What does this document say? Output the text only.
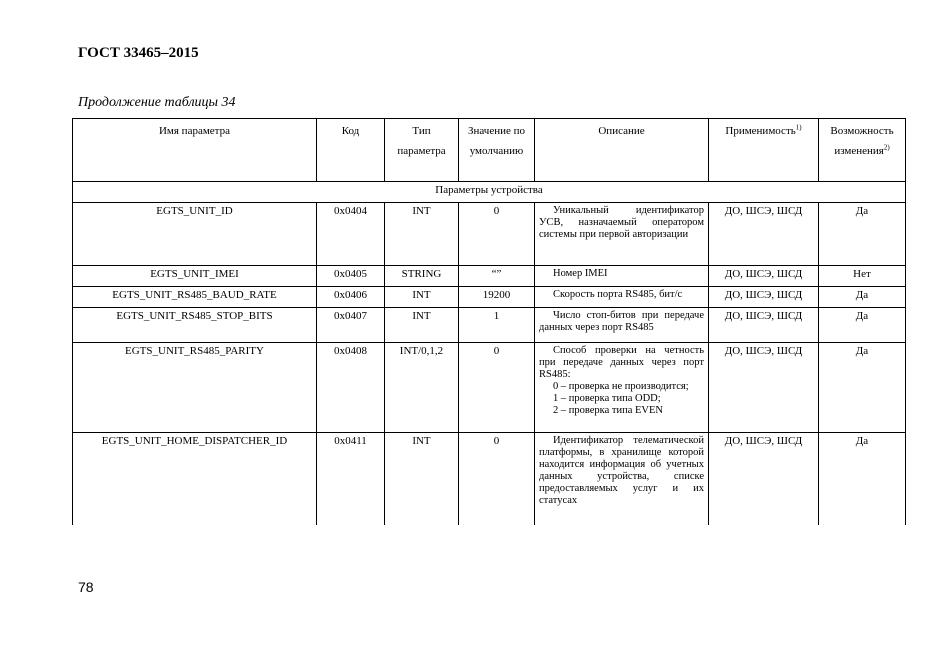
ГОСТ 33465–2015
Продолжение таблицы 34
Имя параметра	Код	Тип параметра	Значение по умолчанию	Описание	Применимость$^{1)}$	Возможность изменения$^{2)}$
Параметры устройства						
EGTS_UNIT_ID	0x0404	INT	0	Уникальный идентификатор УСВ, назначаемый оператором системы при первой авторизации	ДО, ШСЭ, ШСД	Да
EGTS_UNIT_IMEI	0x0405	STRING	“”	Номер IMEI	ДО, ШСЭ, ШСД	Нет
EGTS_UNIT_RS485_BAUD_RATE	0x0406	INT	19200	Скорость порта RS485, бит/с	ДО, ШСЭ, ШСД	Да
EGTS_UNIT_RS485_STOP_BITS	0x0407	INT	1	Число стоп-битов при передаче данных через порт RS485	ДО, ШСЭ, ШСД	Да
EGTS_UNIT_RS485_PARITY	0x0408	INT/0,1,2	0	Способ проверки на четность при передаче данных через порт RS485:
0 – проверка не производится;
1 – проверка типа ODD;
2 – проверка типа EVEN	ДО, ШСЭ, ШСД	Да
EGTS_UNIT_HOME_DISPATCHER_ID	0x0411	INT	0	Идентификатор телематической платформы, в хранилище которой находится информация об учетных данных устройства, списке предоставляемых услуг и их статусах	ДО, ШСЭ, ШСД	Да
78
